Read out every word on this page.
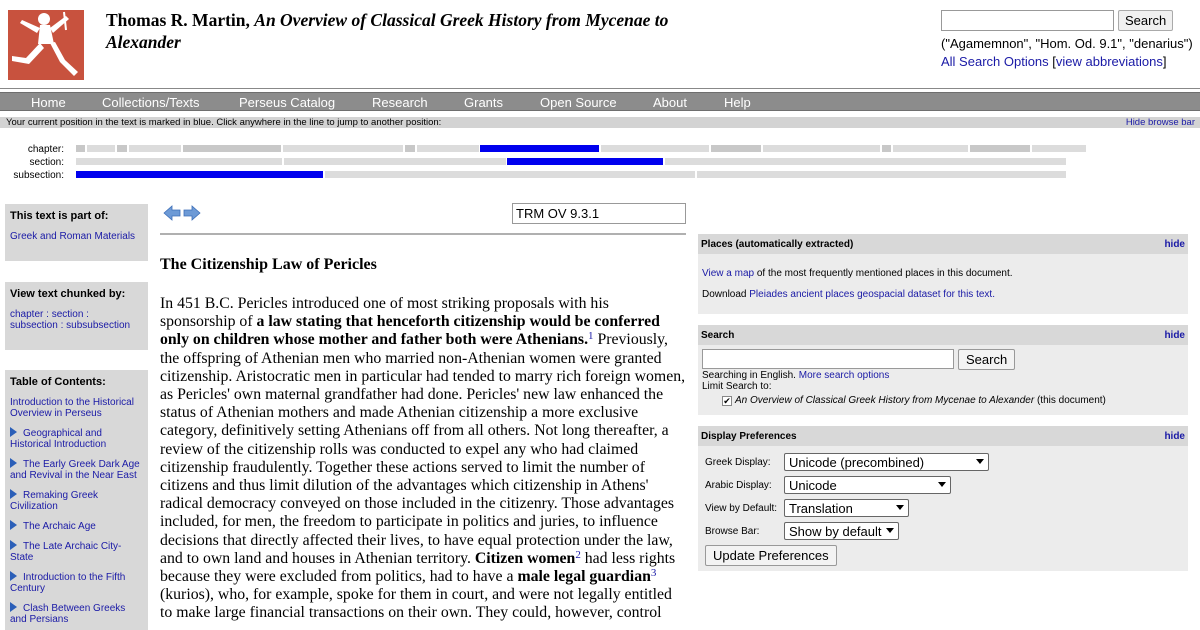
Thomas R. Martin, An Overview of Classical Greek History from Mycenae to Alexander
Search
("Agamemnon", "Hom. Od. 9.1", "denarius")
All Search Options [view abbreviations]
Home	Collections/Texts	Perseus Catalog	Research	Grants	Open Source	About	Help
Your current position in the text is marked in blue. Click anywhere in the line to jump to another position:	Hide browse bar
chapter:
section:
subsection:
This text is part of:
Greek and Roman Materials
View text chunked by:
chapter : section :
subsection : subsubsection
Table of Contents:
Introduction to the Historical Overview in Perseus
Geographical and Historical Introduction
The Early Greek Dark Age and Revival in the Near East
Remaking Greek Civilization
The Archaic Age
The Late Archaic City-State
Introduction to the Fifth Century
Clash Between Greeks and Persians
TRM OV 9.3.1
The Citizenship Law of Pericles
In 451 B.C. Pericles introduced one of most striking proposals with his sponsorship of a law stating that henceforth citizenship would be conferred only on children whose mother and father both were Athenians.$^1$ Previously, the offspring of Athenian men who married non-Athenian women were granted citizenship. Aristocratic men in particular had tended to marry rich foreign women, as Pericles' own maternal grandfather had done. Pericles' new law enhanced the status of Athenian mothers and made Athenian citizenship a more exclusive category, definitively setting Athenians off from all others. Not long thereafter, a review of the citizenship rolls was conducted to expel any who had claimed citizenship fraudulently. Together these actions served to limit the number of citizens and thus limit dilution of the advantages which citizenship in Athens' radical democracy conveyed on those included in the citizenry. Those advantages included, for men, the freedom to participate in politics and juries, to influence decisions that directly affected their lives, to have equal protection under the law, and to own land and houses in Athenian territory. Citizen women$^2$ had less rights because they were excluded from politics, had to have a male legal guardian$^3$ (kurios), who, for example, spoke for them in court, and were not legally entitled to make large financial transactions on their own. They could, however, control
Places (automatically extracted)	hide
View a map of the most frequently mentioned places in this document.
Download Pleiades ancient places geospacial dataset for this text.
Search	hide
Search
Searching in English. More search options
Limit Search to:
✔ An Overview of Classical Greek History from Mycenae to Alexander (this document)
Display Preferences	hide
Greek Display:	Unicode (precombined)
Arabic Display:	Unicode
View by Default: Translation
Browse Bar:	Show by default
Update Preferences
